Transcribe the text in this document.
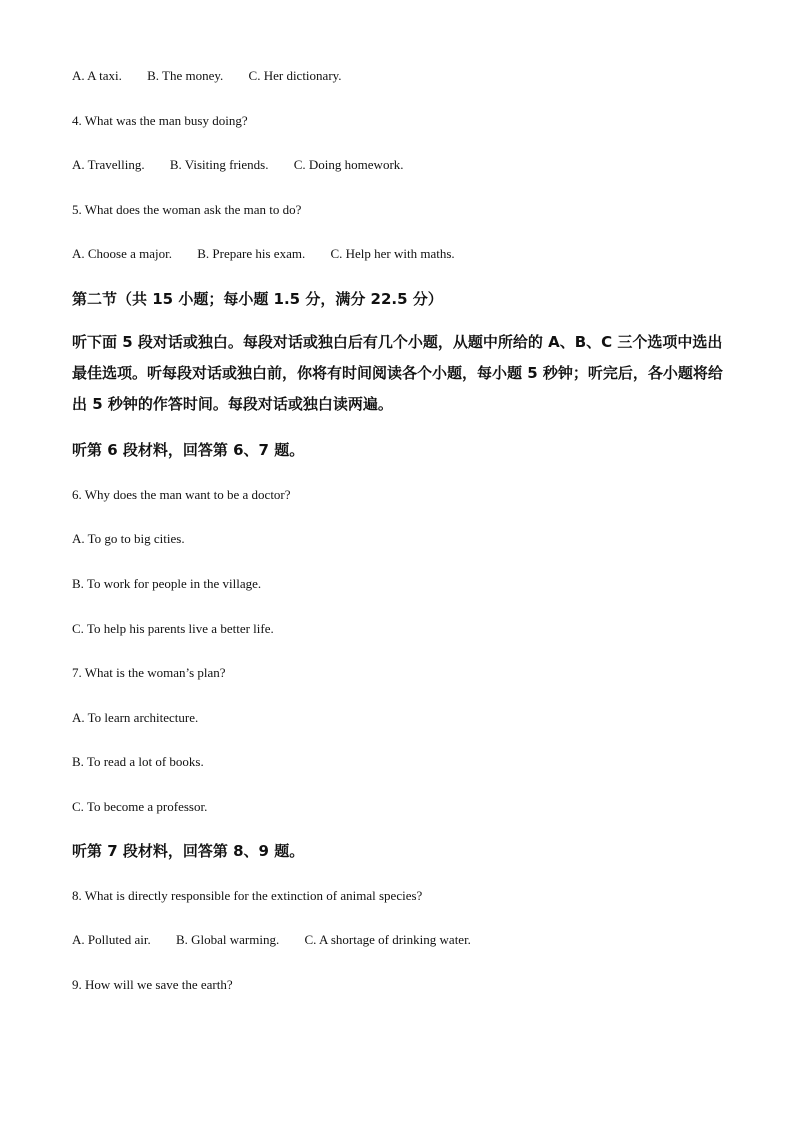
A. A taxi. B. The money. C. Her dictionary.
4. What was the man busy doing?
A. Travelling. B. Visiting friends. C. Doing homework.
5. What does the woman ask the man to do?
A. Choose a major. B. Prepare his exam. C. Help her with maths.
第二节（共 15 小题；每小题 1.5 分，满分 22.5 分）

听下面 5 段对话或独白。每段对话或独白后有几个小题，从题中所给的 A、B、C 三个选项中选出最佳选项。听每段对话或独白前，你将有时间阅读各个小题，每小题 5 秒钟；听完后，各小题将给出 5 秒钟的作答时间。每段对话或独白读两遍。

听第 6 段材料，回答第 6、7 题。
6. Why does the man want to be a doctor?
A. To go to big cities.
B. To work for people in the village.
C. To help his parents live a better life.
7. What is the woman’s plan?
A. To learn architecture.
B. To read a lot of books.
C. To become a professor.
听第 7 段材料，回答第 8、9 题。
8. What is directly responsible for the extinction of animal species?
A. Polluted air. B. Global warming. C. A shortage of drinking water.
9. How will we save the earth?
